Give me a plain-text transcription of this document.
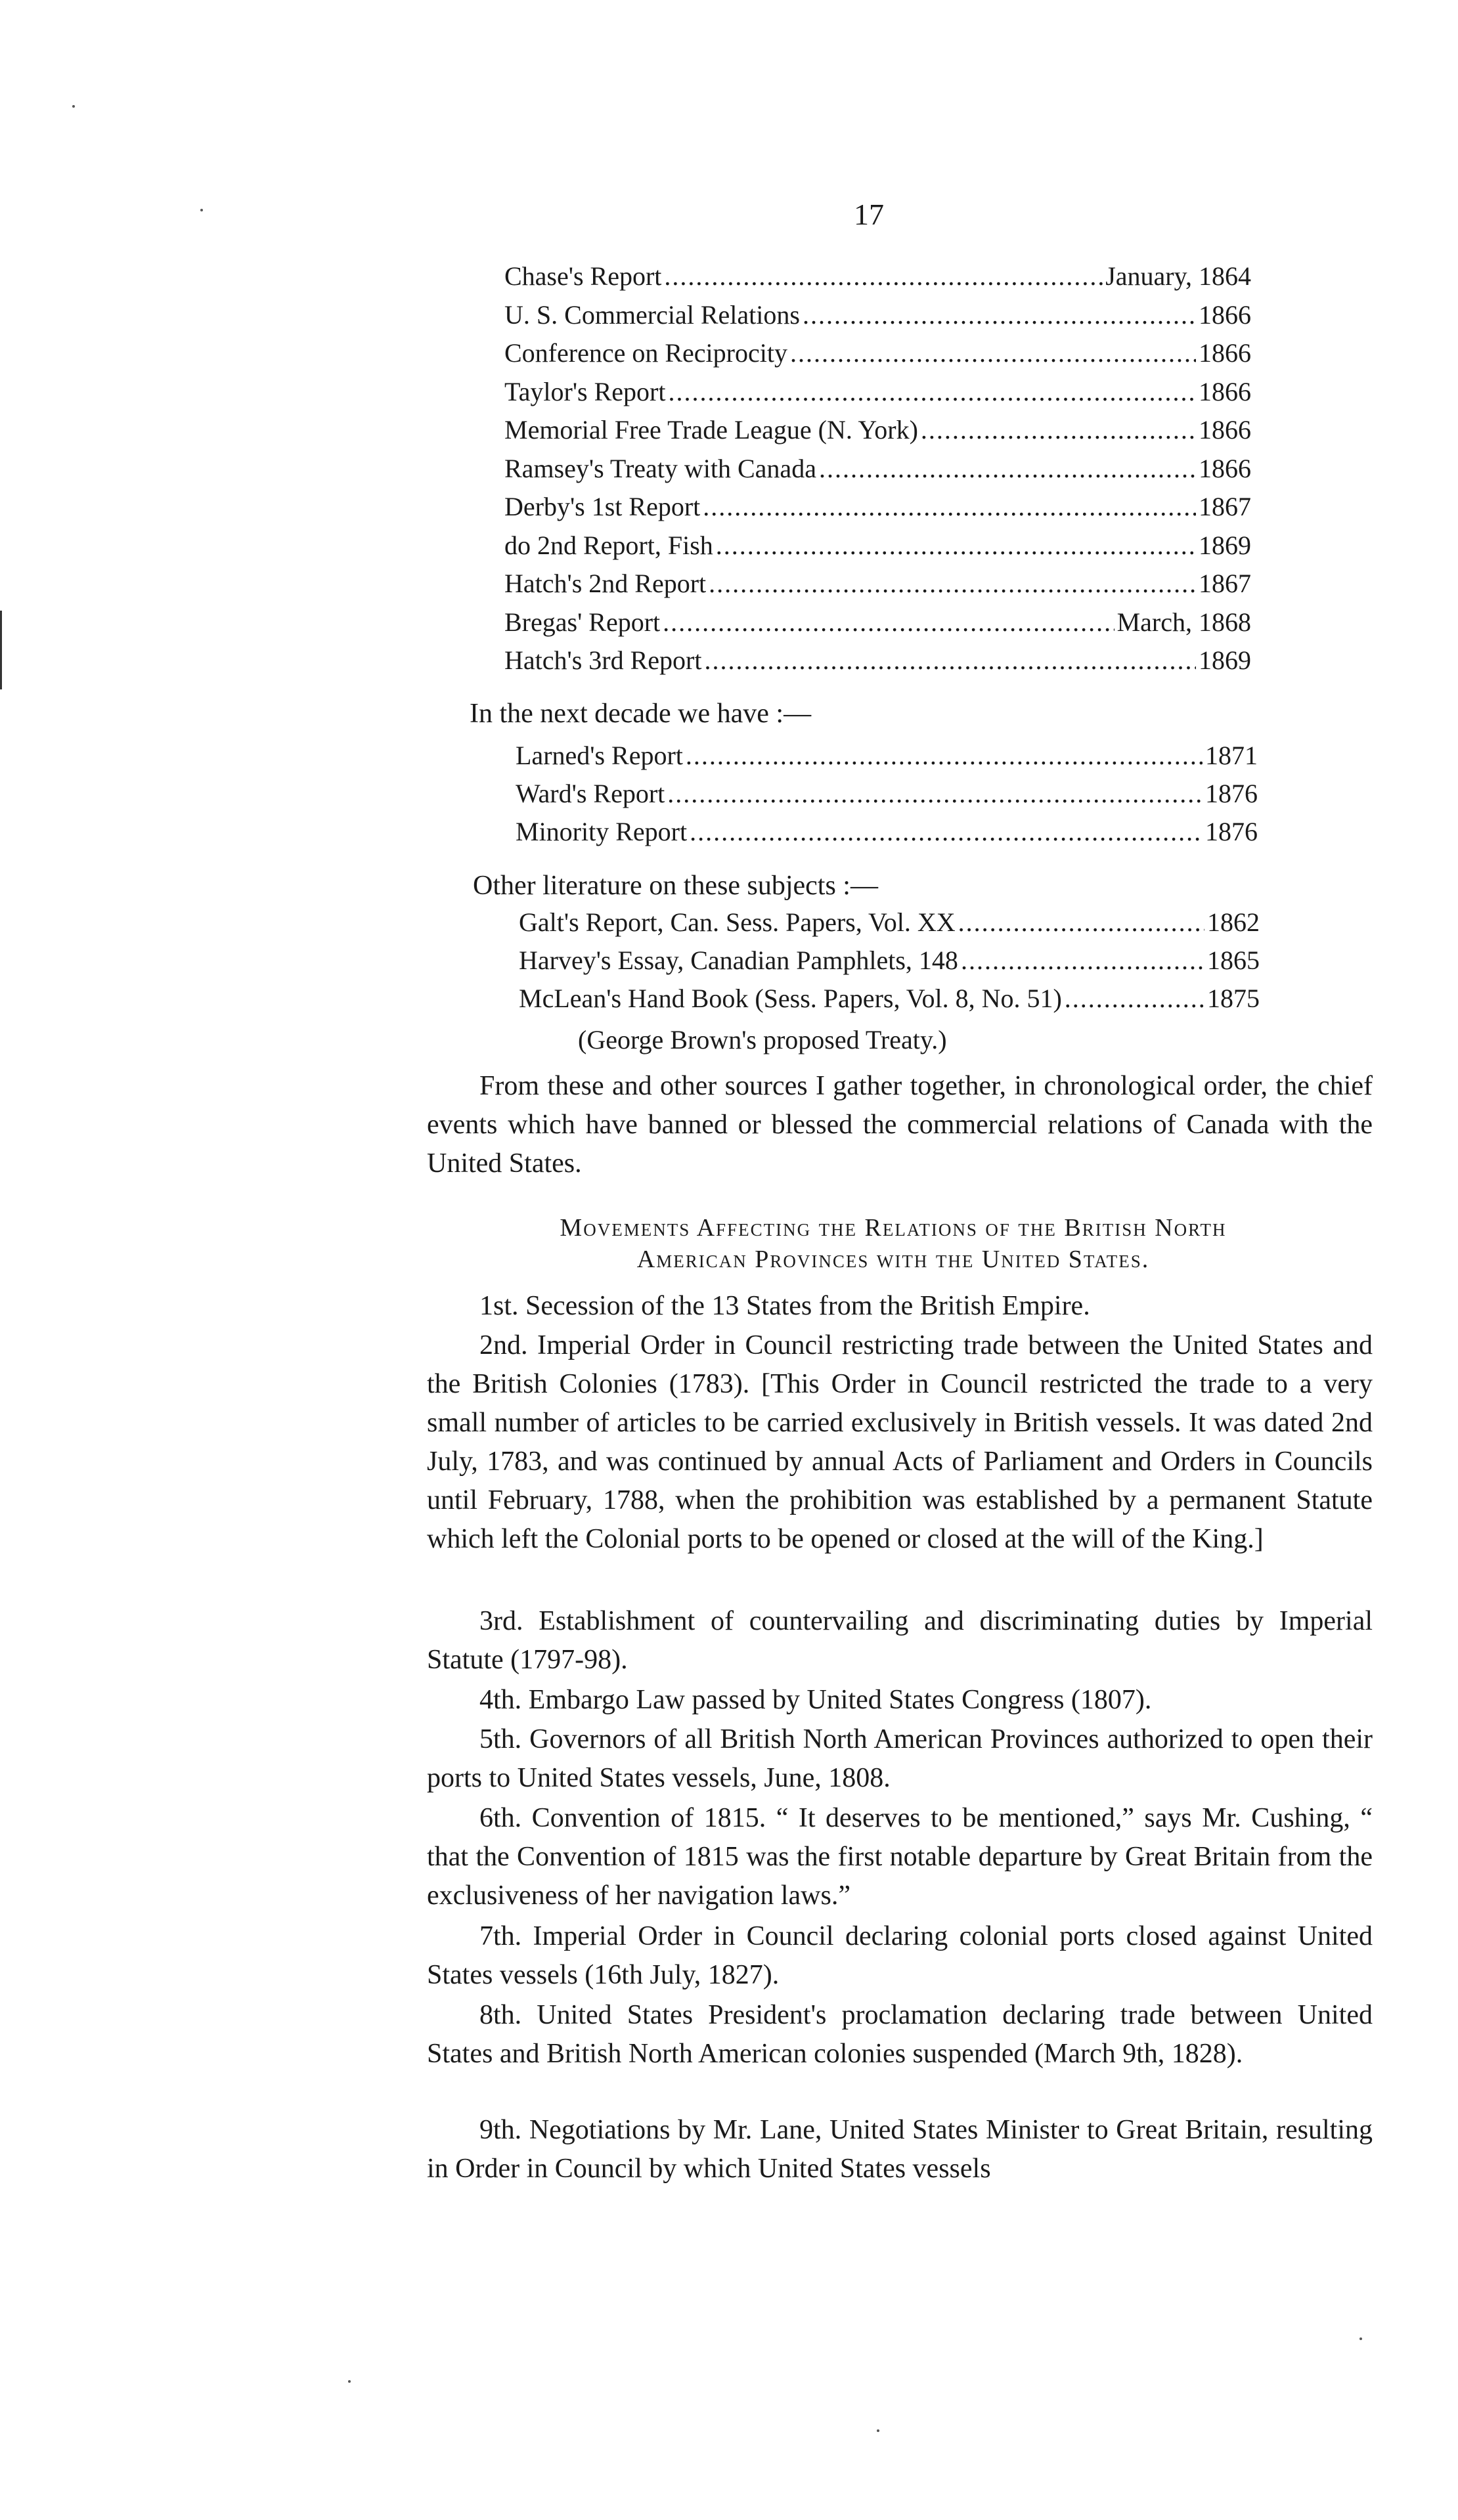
17
Chase's Report .....	January, 1864
U. S. Commercial Relations .....	1866
Conference on Reciprocity .....	1866
Taylor's Report .....	1866
Memorial Free Trade League (N. York) .....	1866
Ramsey's Treaty with Canada .....	1866
Derby's 1st Report .....	1867
do 2nd Report, Fish .....	1869
Hatch's 2nd Report .....	1867
Bregas' Report .....	March, 1868
Hatch's 3rd Report .....	1869
In the next decade we have :—
Larned's Report .....	1871
Ward's Report .....	1876
Minority Report .....	1876
Other literature on these subjects :—
Galt's Report, Can. Sess. Papers, Vol. XX .....	1862
Harvey's Essay, Canadian Pamphlets, 148 .....	1865
McLean's Hand Book (Sess. Papers, Vol. 8, No. 51) .....	1875
(George Brown's proposed Treaty.)

From these and other sources I gather together, in chronological order, the chief events which have banned or blessed the commercial relations of Canada with the United States.

Movements Affecting the Relations of the British North
American Provinces with the United States.

1st. Secession of the 13 States from the British Empire.

2nd. Imperial Order in Council restricting trade between the United States and the British Colonies (1783). [This Order in Council restricted the trade to a very small number of articles to be carried exclusively in British vessels. It was dated 2nd July, 1783, and was continued by annual Acts of Parliament and Orders in Councils until February, 1788, when the prohibition was established by a permanent Statute which left the Colonial ports to be opened or closed at the will of the King.]

3rd. Establishment of countervailing and discriminating duties by Imperial Statute (1797-98).

4th. Embargo Law passed by United States Congress (1807).

5th. Governors of all British North American Provinces authorized to open their ports to United States vessels, June, 1808.

6th. Convention of 1815. “ It deserves to be mentioned,” says Mr. Cushing, “ that the Convention of 1815 was the first notable departure by Great Britain from the exclusiveness of her navigation laws.”

7th. Imperial Order in Council declaring colonial ports closed against United States vessels (16th July, 1827).

8th. United States President's proclamation declaring trade between United States and British North American colonies suspended (March 9th, 1828).

9th. Negotiations by Mr. Lane, United States Minister to Great Britain, resulting in Order in Council by which United States vessels
